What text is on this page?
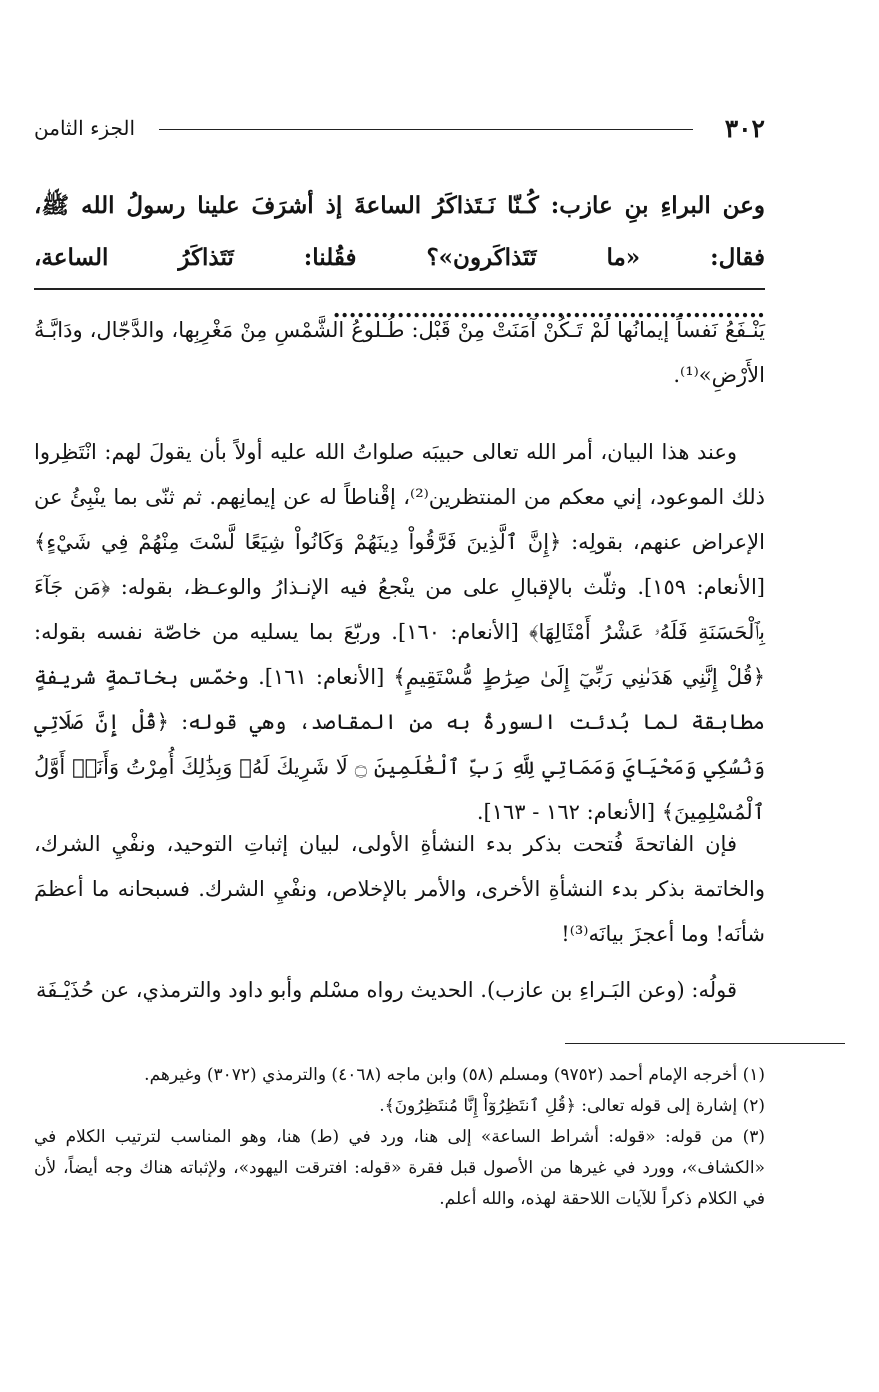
٣٠٢
الجزء الثامن
وعن البراءِ بنِ عازب: كُـنّا نَـتَذاكَرُ الساعةَ إذ أشرَفَ علينا رسولُ الله ﷺ، فقال: «ما تَتَذاكَرون»؟ فقُلنا: تَتَذاكَرُ الساعة، ......................................................

يَنْـفَعُ نَفساً إيمانُها لَمْ تَـكُنْ آمَنَتْ مِنْ قَبْل: طُـلوعُ الشَّمْسِ مِنْ مَغْرِبِها، والدَّجّال، ودَابَّـةُ الأَرْضِ»⁽¹⁾.

وعند هذا البيان، أمر الله تعالى حبيبَه صلواتُ الله عليه أولاً بأن يقولَ لهم: انْتَظِروا ذلك الموعود، إني معكم من المنتظرين⁽²⁾، إقْناطاً له عن إيمانِهم. ثم ثنّى بما ينْبِئُ عن الإعراض عنهم، بقولِه: ﴿إِنَّ ٱلَّذِينَ فَرَّقُواْ دِينَهُمْ وَكَانُواْ شِيَعًا لَّسْتَ مِنْهُمْ فِي شَيْءٍ﴾ [الأنعام: ١٥٩]. وثلّث بالإقبالِ على من ينْجعُ فيه الإنـذارُ والوعـظ، بقوله: ﴿مَن جَآءَ بِٱلْحَسَنَةِ فَلَهُۥ عَشْرُ أَمْثَالِهَا﴾ [الأنعام: ١٦٠]. وربّعَ بما يسليه من خاصّة نفسه بقوله: ﴿قُلْ إِنَّنِي هَدَىٰنِي رَبِّيٓ إِلَىٰ صِرَٰطٍ مُّسْتَقِيمٍ﴾ [الأنعام: ١٦١]. وخمّس بخاتمةٍ شريفةٍ مطابقة لما بُدئت السورةُ به من المقاصد، وهي قوله: ﴿قُلْ إِنَّ صَلَاتِي وَنُسُكِي وَمَحْيَايَ وَمَمَاتِي لِلَّهِ رَبِّ ٱلْعَٰلَمِينَ ۝ لَا شَرِيكَ لَهُۥ وَبِذَٰلِكَ أُمِرْتُ وَأَنَا۠ أَوَّلُ ٱلْمُسْلِمِينَ﴾ [الأنعام: ١٦٢ - ١٦٣].

فإن الفاتحةَ فُتحت بذكر بدء النشأةِ الأولى، لبيان إثباتِ التوحيد، ونفْيِ الشرك، والخاتمة بذكر بدء النشأةِ الأخرى، والأمر بالإخلاص، ونفْيِ الشرك. فسبحانه ما أعظمَ شأنَه! وما أعجزَ بيانَه⁽³⁾!

قولُه: (وعن البَـراءِ بن عازب). الحديث رواه مسْلم وأبو داود والترمذي، عن حُذَيْـفَة

(١) أخرجه الإمام أحمد (٩٧٥٢) ومسلم (٥٨) وابن ماجه (٤٠٦٨) والترمذي (٣٠٧٢) وغيرهم.

(٢) إشارة إلى قوله تعالى: ﴿قُلِ ٱنتَظِرُوٓاْ إِنَّا مُنتَظِرُونَ﴾.

(٣) من قوله: «قوله: أشراط الساعة» إلى هنا، ورد في (ط) هنا، وهو المناسب لترتيب الكلام في «الكشاف»، وورد في غيرها من الأصول قبل فقرة «قوله: افترقت اليهود»، ولإثباته هناك وجه أيضاً، لأن في الكلام ذكراً للآيات اللاحقة لهذه، والله أعلم.
